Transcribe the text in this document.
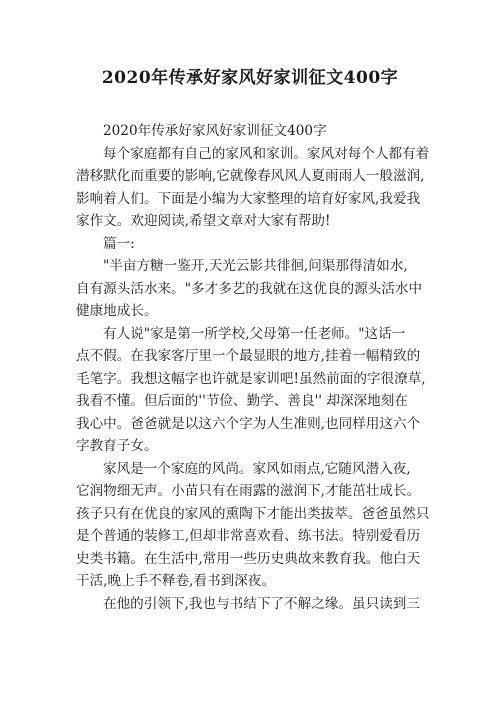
2020年传承好家风好家训征文400字
2020年传承好家风好家训征文400字
每个家庭都有自己的家风和家训。家风对每个人都有着
潜移默化而重要的影响,它就像春风风人夏雨雨人一般滋润,
影响着人们。下面是小编为大家整理的培育好家风,我爱我
家作文。欢迎阅读,希望文章对大家有帮助!
篇一:
"半亩方糖一鉴开,天光云影共徘徊,问渠那得清如水,
自有源头活水来。"多才多艺的我就在这优良的源头活水中
健康地成长。
有人说"家是第一所学校,父母第一任老师。"这话一
点不假。在我家客厅里一个最显眼的地方,挂着一幅精致的
毛笔字。我想这幅字也许就是家训吧!虽然前面的字很潦草,
我看不懂。但后面的''节俭、勤学、善良'' 却深深地刻在
我心中。爸爸就是以这六个字为人生准则,也同样用这六个
字教育子女。
家风是一个家庭的风尚。家风如雨点,它随风潜入夜,
它润物细无声。小苗只有在雨露的滋润下,才能茁壮成长。
孩子只有在优良的家风的熏陶下才能出类拔萃。爸爸虽然只
是个普通的装修工,但却非常喜欢看、练书法。特别爱看历
史类书籍。在生活中,常用一些历史典故来教育我。他白天
干活,晚上手不释卷,看书到深夜。
在他的引领下,我也与书结下了不解之缘。虽只读到三
